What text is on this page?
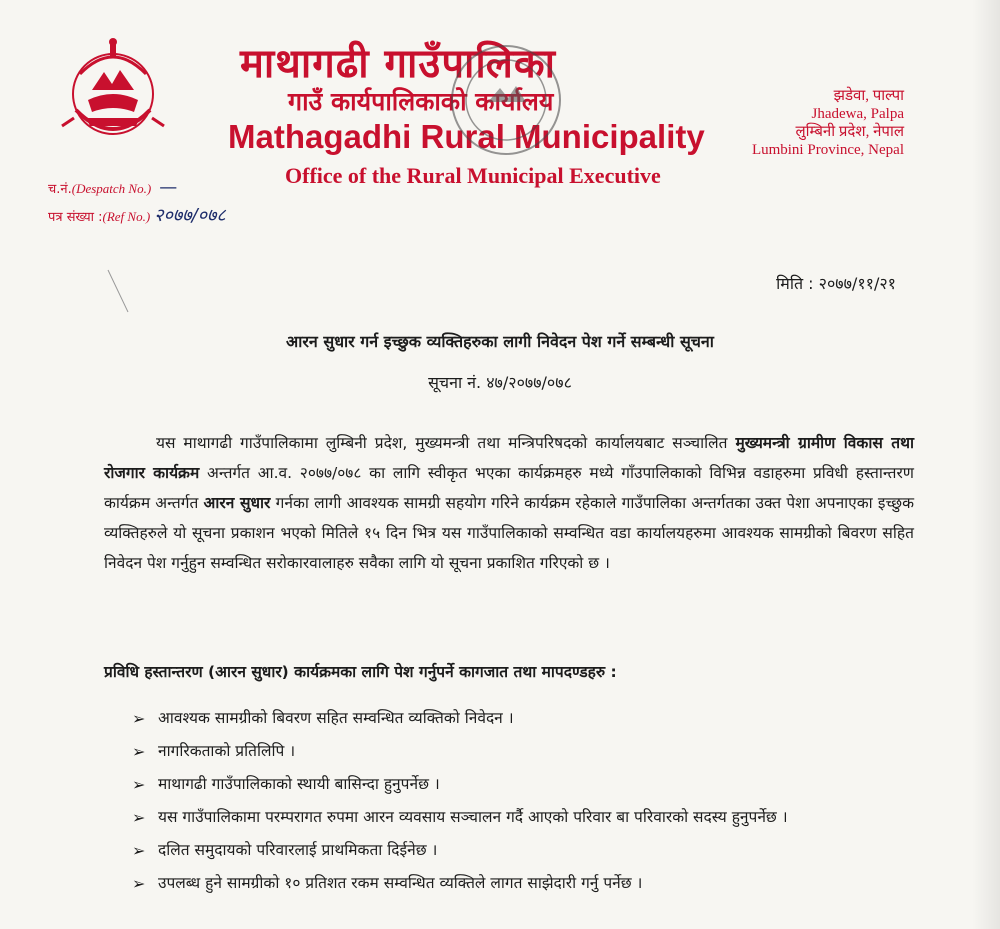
माथागढी गाउँपालिका
गाउँ कार्यपालिकाको कार्यालय
Mathagadhi Rural Municipality
Office of the Rural Municipal Executive
झडेवा, पाल्पा
Jhadewa, Palpa
लुम्बिनी प्रदेश, नेपाल
Lumbini Province, Nepal
च.नं.(Despatch No.) —
पत्र संख्या :(Ref No.) २०७७/०७८
मिति : २०७७/११/२१
आरन सुधार गर्न इच्छुक व्यक्तिहरुका लागी निवेदन पेश गर्ने सम्बन्धी सूचना
सूचना नं. ४७/२०७७/०७८
यस माथागढी गाउँपालिकामा लुम्बिनी प्रदेश, मुख्यमन्त्री तथा मन्त्रिपरिषदको कार्यालयबाट सञ्चालित मुख्यमन्त्री ग्रामीण विकास तथा रोजगार कार्यक्रम अन्तर्गत आ.व. २०७७/०७८ का लागि स्वीकृत भएका कार्यक्रमहरु मध्ये गाँउपालिकाको विभिन्न वडाहरुमा प्रविधी हस्तान्तरण कार्यक्रम अन्तर्गत आरन सुधार गर्नका लागी आवश्यक सामग्री सहयोग गरिने कार्यक्रम रहेकाले गाउँपालिका अन्तर्गतका उक्त पेशा अपनाएका इच्छुक व्यक्तिहरुले यो सूचना प्रकाशन भएको मितिले १५ दिन भित्र यस गाउँपालिकाको सम्वन्धित वडा कार्यालयहरुमा आवश्यक सामग्रीको बिवरण सहित निवेदन पेश गर्नुहुन सम्वन्धित सरोकारवालाहरु सवैका लागि यो सूचना प्रकाशित गरिएको छ ।
प्रविधि हस्तान्तरण (आरन सुधार) कार्यक्रमका लागि पेश गर्नुपर्ने कागजात तथा मापदण्डहरु :
➢ आवश्यक सामग्रीको बिवरण सहित सम्वन्धित व्यक्तिको निवेदन ।
➢ नागरिकताको प्रतिलिपि ।
➢ माथागढी गाउँपालिकाको स्थायी बासिन्दा हुनुपर्नेछ ।
➢ यस गाउँपालिकामा परम्परागत रुपमा आरन व्यवसाय सञ्चालन गर्दै आएको परिवार बा परिवारको सदस्य हुनुपर्नेछ ।
➢ दलित समुदायको परिवारलाई प्राथमिकता दिईनेछ ।
➢ उपलब्ध हुने सामग्रीको १० प्रतिशत रकम सम्वन्धित व्यक्तिले लागत साझेदारी गर्नु पर्नेछ ।
